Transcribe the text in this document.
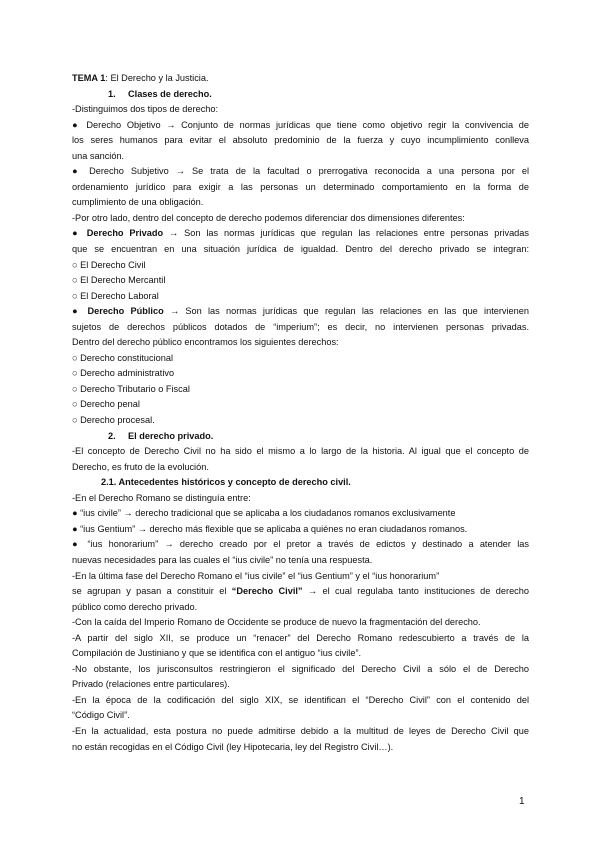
TEMA 1: El Derecho y la Justicia.
1. Clases de derecho.
-Distinguimos dos tipos de derecho:
● Derecho Objetivo → Conjunto de normas jurídicas que tiene como objetivo regir la convivencia de
los seres humanos para evitar el absoluto predominio de la fuerza y cuyo incumplimiento conlleva
una sanción.
● Derecho Subjetivo → Se trata de la facultad o prerrogativa reconocida a una persona por el
ordenamiento jurídico para exigir a las personas un determinado comportamiento en la forma de
cumplimiento de una obligación.
-Por otro lado, dentro del concepto de derecho podemos diferenciar dos dimensiones diferentes:
● Derecho Privado → Son las normas jurídicas que regulan las relaciones entre personas privadas
que se encuentran en una situación jurídica de igualdad. Dentro del derecho privado se integran:
○ El Derecho Civil
○ El Derecho Mercantil
○ El Derecho Laboral
● Derecho Público → Son las normas jurídicas que regulan las relaciones en las que intervienen
sujetos de derechos públicos dotados de “imperium”; es decir, no intervienen personas privadas.
Dentro del derecho público encontramos los siguientes derechos:
○ Derecho constitucional
○ Derecho administrativo
○ Derecho Tributario o Fiscal
○ Derecho penal
○ Derecho procesal.
2. El derecho privado.
-El concepto de Derecho Civil no ha sido el mismo a lo largo de la historia. Al igual que el concepto de
Derecho, es fruto de la evolución.
2.1. Antecedentes históricos y concepto de derecho civil.
-En el Derecho Romano se distinguía entre:
● “ius civile” → derecho tradicional que se aplicaba a los ciudadanos romanos exclusivamente
● “ius Gentium” → derecho más flexible que se aplicaba a quiénes no eran ciudadanos romanos.
● “ius honorarium” → derecho creado por el pretor a través de edictos y destinado a atender las
nuevas necesidades para las cuales el “ius civile” no tenía una respuesta.
-En la última fase del Derecho Romano el “ius civile” el “ius Gentium” y el “ius honorarium”
se agrupan y pasan a constituir el “Derecho Civil” → el cual regulaba tanto instituciones de derecho
público como derecho privado.
-Con la caída del Imperio Romano de Occidente se produce de nuevo la fragmentación del derecho.
-A partir del siglo XII, se produce un “renacer” del Derecho Romano redescubierto a través de la
Compilación de Justiniano y que se identifica con el antiguo “ius civile”.
-No obstante, los jurisconsultos restringieron el significado del Derecho Civil a sólo el de Derecho
Privado (relaciones entre particulares).
-En la época de la codificación del siglo XIX, se identifican el “Derecho Civil” con el contenido del
“Código Civil”.
-En la actualidad, esta postura no puede admitirse debido a la multitud de leyes de Derecho Civil que
no están recogidas en el Código Civil (ley Hipotecaria, ley del Registro Civil…).
1
